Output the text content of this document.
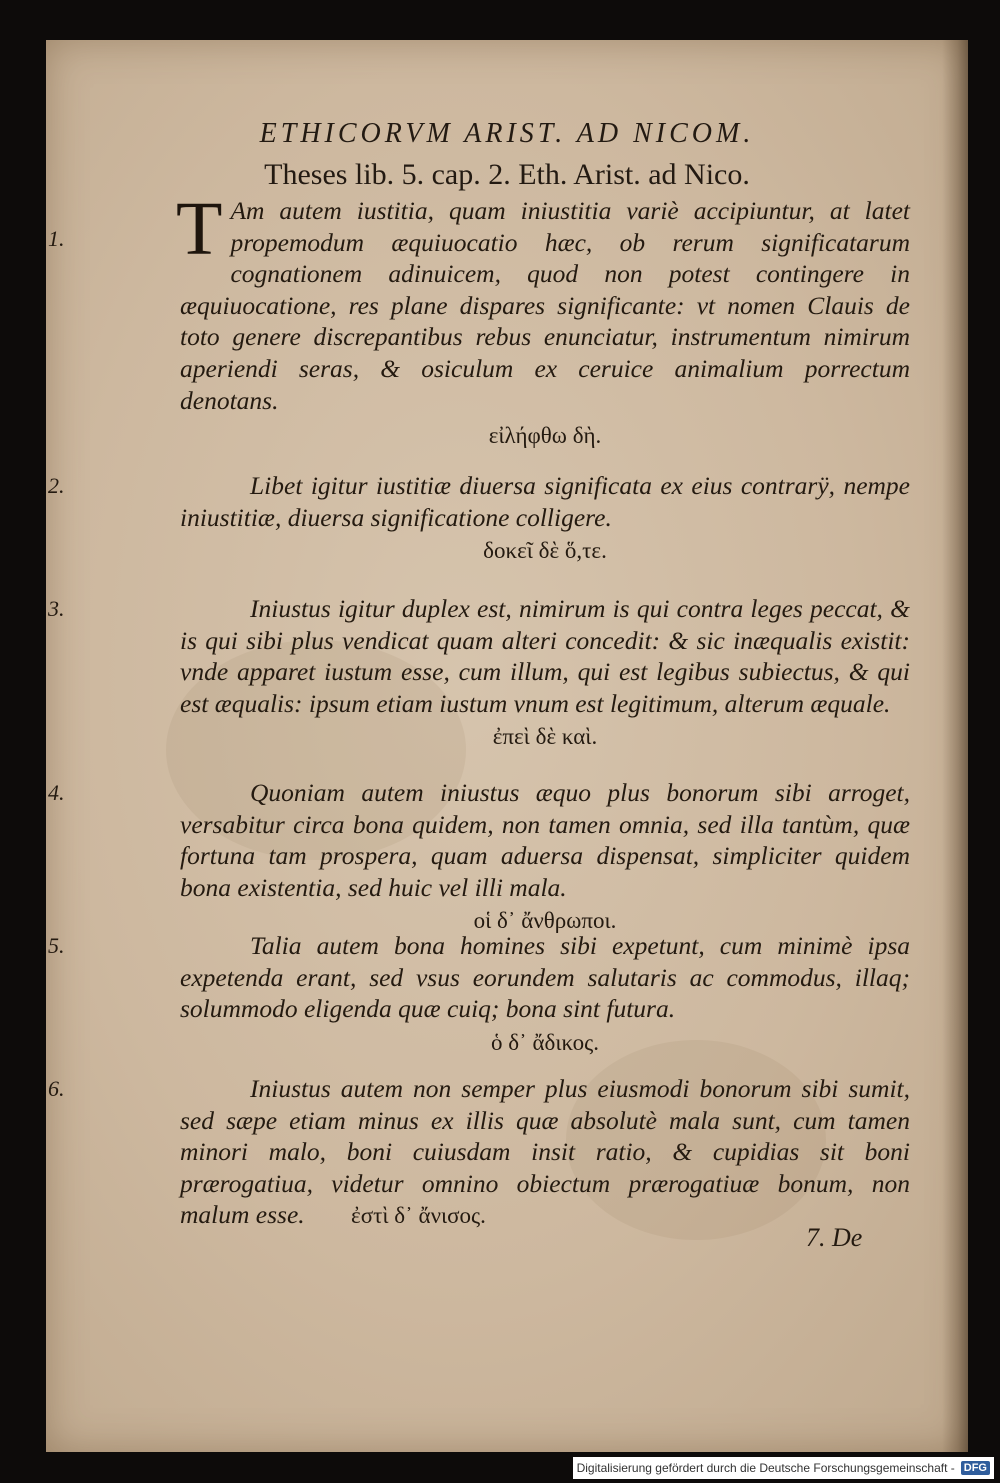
ETHICORVM ARIST. AD NICOM.
Theses lib. 5. cap. 2. Eth. Arist. ad Nico.
1. T Am autem iustitia, quam iniustitia variè accipiuntur, at latet propemodum æquiuocatio hæc, ob rerum significatarum cognationem adinuicem, quod non potest contingere in æquiuocatione, res plane dispares significante: vt nomen Clauis de toto genere discrepantibus rebus enunciatur, instrumentum nimirum aperiendi seras, & osiculum ex ceruice animalium porrectum denotans.
εἰλήφθω δὴ.
2.	Libet igitur iustitiæ diuersa significata ex eius contrarÿ, nempe iniustitiæ, diuersa significatione colligere.
δοκεῖ δὲ ὅ,τε.
3.	Iniustus igitur duplex est, nimirum is qui contra leges peccat, & is qui sibi plus vendicat quam alteri concedit: & sic inæqualis existit: vnde apparet iustum esse, cum illum, qui est legibus subiectus, & qui est æqualis: ipsum etiam iustum vnum est legitimum, alterum æquale.
ἐπεὶ δὲ καὶ.
4.	Quoniam autem iniustus æquo plus bonorum sibi arroget, versabitur circa bona quidem, non tamen omnia, sed illa tantùm, quæ fortuna tam prospera, quam aduersa dispensat, simpliciter quidem bona existentia, sed huic vel illi mala.
οἱ δ᾽ ἄνθρωποι.
5.	Talia autem bona homines sibi expetunt, cum minimè ipsa expetenda erant, sed vsus eorundem salutaris ac commodus, illaq; solummodo eligenda quæ cuiq; bona sint futura.
ὁ δ᾽ ἄδικος.
6.	Iniustus autem non semper plus eiusmodi bonorum sibi sumit, sed sæpe etiam minus ex illis quæ absolutè mala sunt, cum tamen minori malo, boni cuiusdam insit ratio, & cupidias sit boni prærogatiua, videtur omnino obiectum prærogatiuæ bonum, non malum esse. ἐστὶ δ᾽ ἄνισος.
7. De
Digitalisierung gefördert durch die Deutsche Forschungsgemeinschaft - DFG
